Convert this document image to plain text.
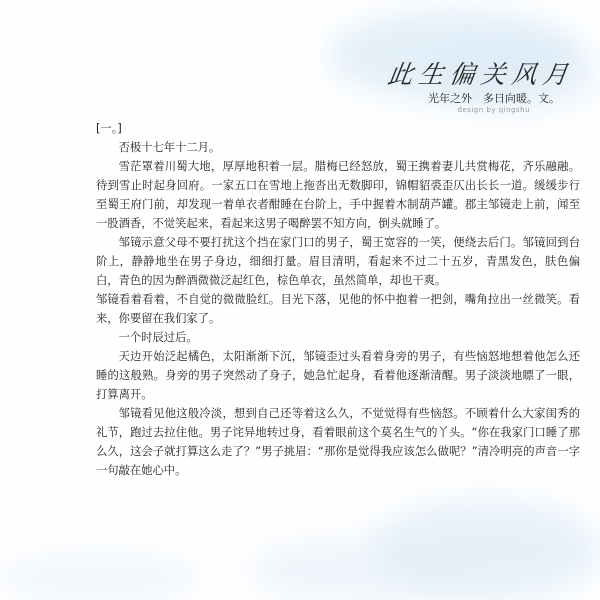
此生偏关风月
光年之外　多日向暖。文。
design by qingshu

[一。]

否极十七年十二月。

雪茫罩着川蜀大地，厚厚地积着一层。腊梅已经怒放，蜀王携着妻儿共赏梅花，齐乐融融。待到雪止时起身回府。一家五口在雪地上拖沓出无数脚印，锦帽貂裘歪仄出长长一道。缓缓步行至蜀王府门前，却发现一着单衣者酣睡在台阶上，手中握着木制葫芦罐。郡主邹镜走上前，闻至一股酒香，不觉笑起来，看起来这男子喝醉罢不知方向，倒头就睡了。

邹镜示意父母不要打扰这个挡在家门口的男子，蜀王宽容的一笑，便绕去后门。邹镜回到台阶上，静静地坐在男子身边，细细打量。眉目清明，看起来不过二十五岁，青黑发色，肤色偏白，青色的因为醉酒微微泛起红色，棕色单衣，虽然简单，却也干爽。

邹镜看着看着，不自觉的微微脸红。目光下落，见他的怀中抱着一把剑，嘴角拉出一丝微笑。看来，你要留在我们家了。

一个时辰过后。

天边开始泛起橘色，太阳渐渐下沉，邹镜歪过头看着身旁的男子，有些恼怒地想着他怎么还睡的这般熟。身旁的男子突然动了身子，她急忙起身，看着他逐渐清醒。男子淡淡地瞟了一眼，打算离开。

邹镜看见他这般冷淡，想到自己还等着这么久，不觉觉得有些恼怒。不顾着什么大家闺秀的礼节，跑过去拉住他。男子诧异地转过身，看着眼前这个莫名生气的丫头。“你在我家门口睡了那么久，这会子就打算这么走了？”男子挑眉：“那你是觉得我应该怎么做呢？”清冷明亮的声音一字一句敲在她心中。
